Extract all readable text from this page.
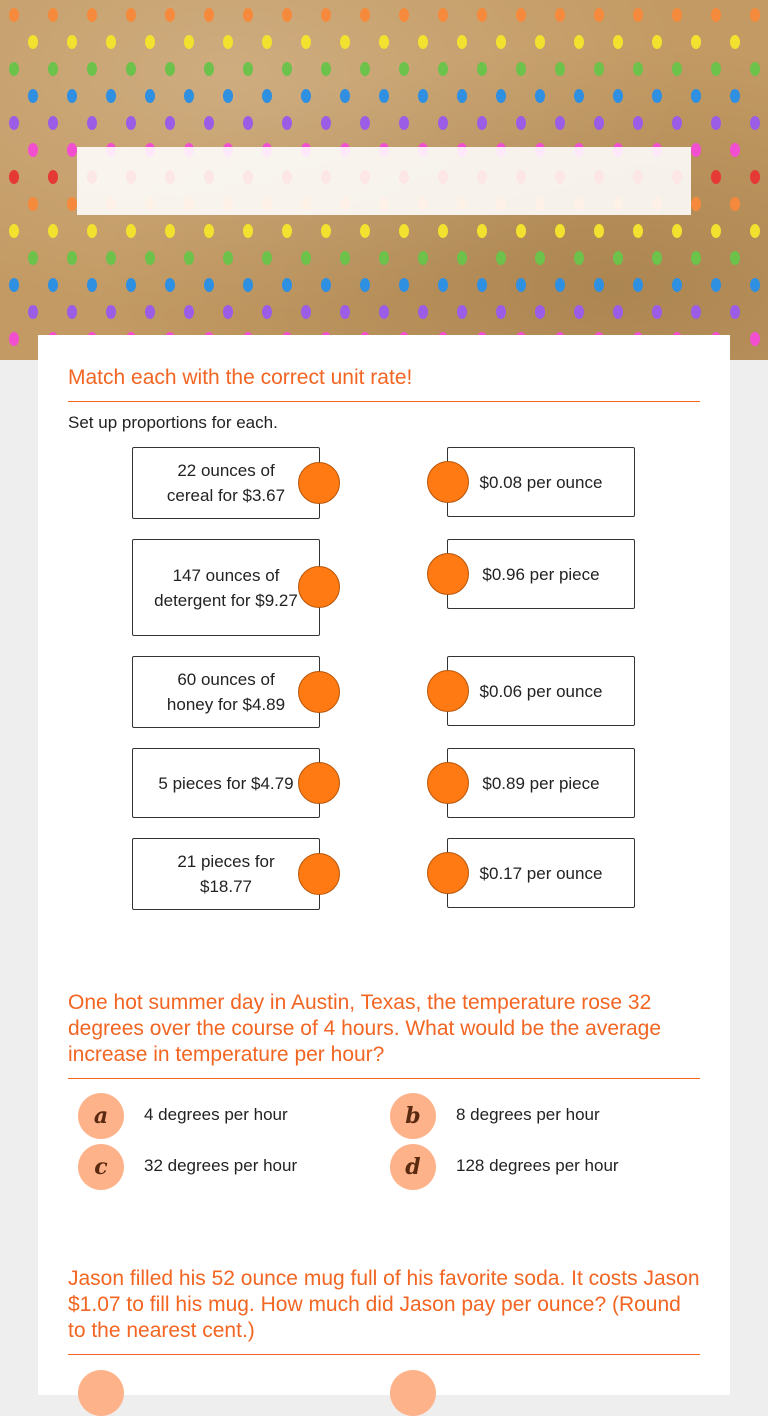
Match each with the correct unit rate!
Set up proportions for each.
22 ounces of cereal for $3.67
147 ounces of detergent for $9.27
60 ounces of honey for $4.89
5 pieces for $4.79
21 pieces for $18.77
$0.08 per ounce
$0.96 per piece
$0.06 per ounce
$0.89 per piece
$0.17 per ounce
One hot summer day in Austin, Texas, the temperature rose 32 degrees over the course of 4 hours. What would be the average increase in temperature per hour?
a	4 degrees per hour	b	8 degrees per hour
c	32 degrees per hour	d	128 degrees per hour
Jason filled his 52 ounce mug full of his favorite soda. It costs Jason $1.07 to fill his mug. How much did Jason pay per ounce? (Round to the nearest cent.)
